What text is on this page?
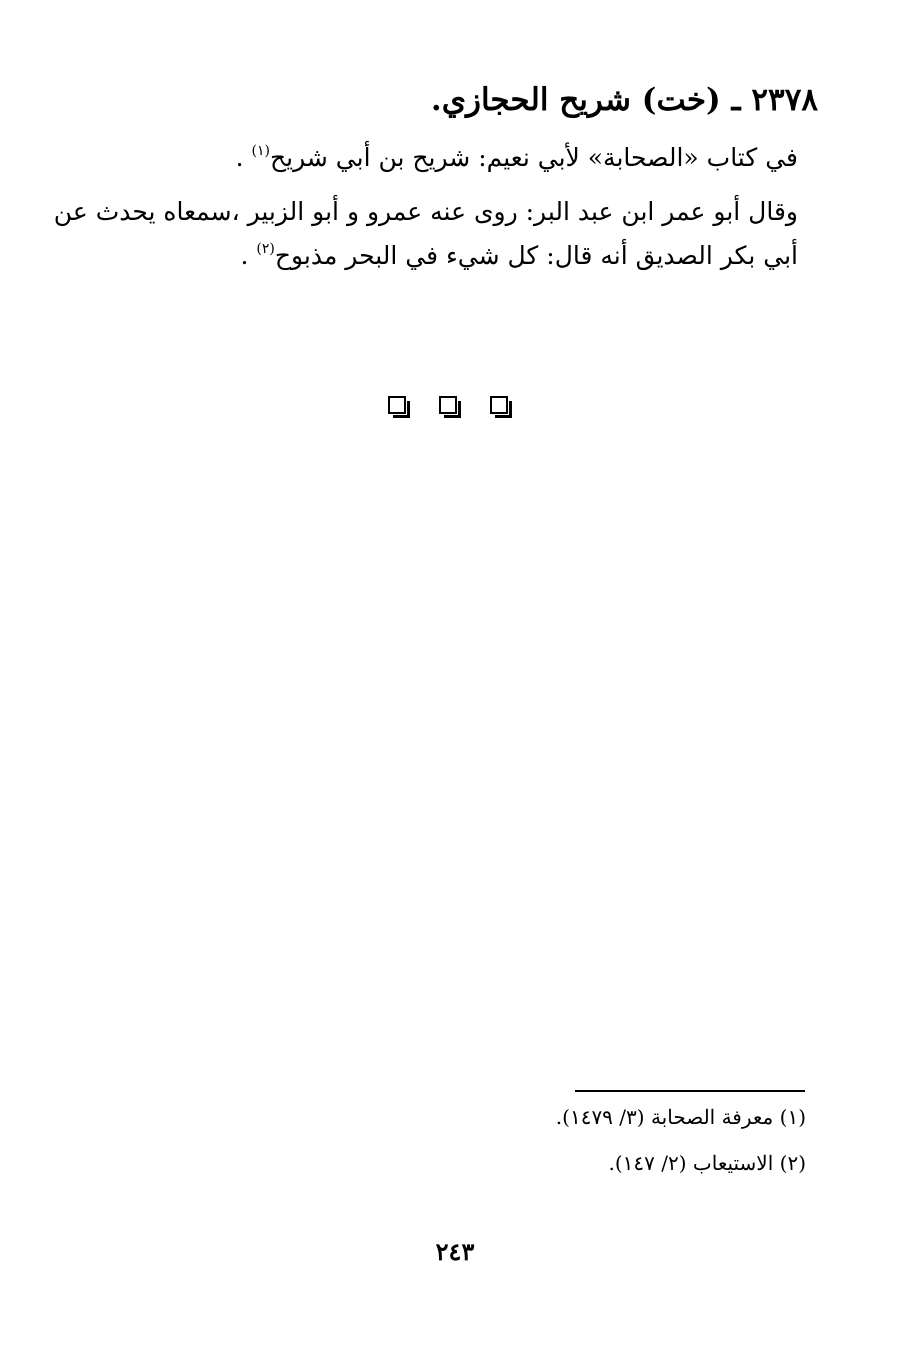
٢٣٧٨ ـ (خت) شريح الحجازي.
في كتاب «الصحابة» لأبي نعيم: شريح بن أبي شريح$^{(١)}$ .
وقال أبو عمر ابن عبد البر: روى عنه عمرو و أبو الزبير ،سمعاه يحدث عن
أبي بكر الصديق أنه قال: كل شيء في البحر مذبوح$^{(٢)}$ .
(١) معرفة الصحابة (٣/ ١٤٧٩).
(٢) الاستيعاب (٢/ ١٤٧).
٢٤٣
